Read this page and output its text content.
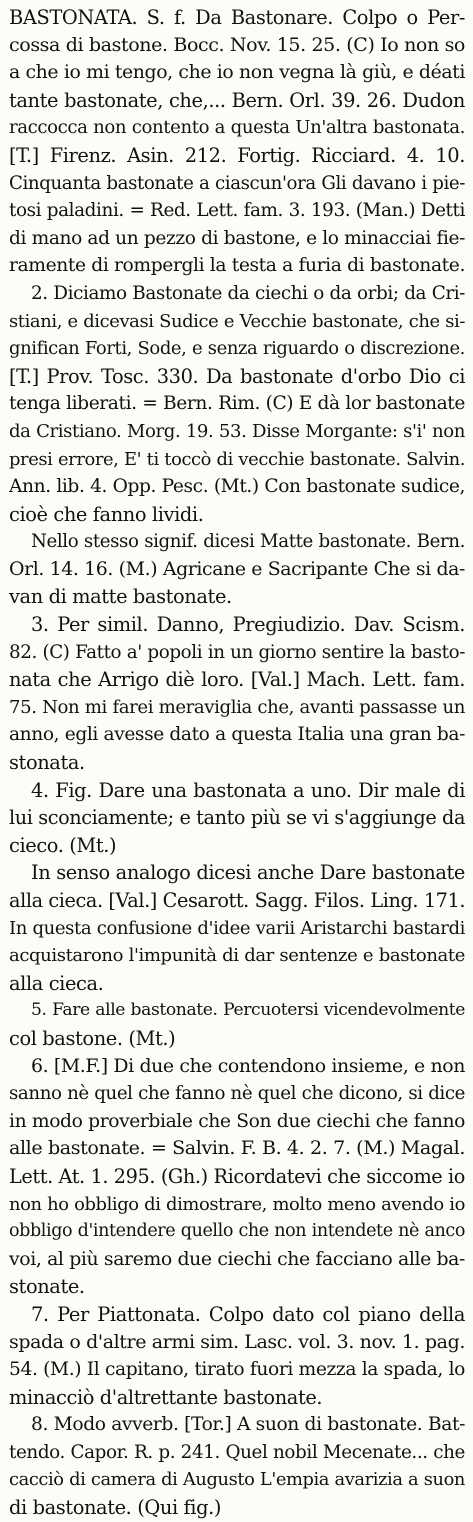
BASTONATA. S. f. Da Bastonare. Colpo o Per-
cossa di bastone. Bocc. Nov. 15. 25. (C) Io non so
a che io mi tengo, che io non vegna là giù, e déati
tante bastonate, che,... Bern. Orl. 39. 26. Dudon
raccocca non contento a questa Un'altra bastonata.
[T.] Firenz. Asin. 212. Fortig. Ricciard. 4. 10.
Cinquanta bastonate a ciascun'ora Gli davano i pie-
tosi paladini. = Red. Lett. fam. 3. 193. (Man.) Detti
di mano ad un pezzo di bastone, e lo minacciai fie-
ramente di rompergli la testa a furia di bastonate.
2. Diciamo Bastonate da ciechi o da orbi; da Cri-
stiani, e dicevasi Sudice e Vecchie bastonate, che si-
gnifican Forti, Sode, e senza riguardo o discrezione.
[T.] Prov. Tosc. 330. Da bastonate d'orbo Dio ci
tenga liberati. = Bern. Rim. (C) E dà lor bastonate
da Cristiano. Morg. 19. 53. Disse Morgante: s'i' non
presi errore, E' ti toccò di vecchie bastonate. Salvin.
Ann. lib. 4. Opp. Pesc. (Mt.) Con bastonate sudice,
cioè che fanno lividi.
Nello stesso signif. dicesi Matte bastonate. Bern.
Orl. 14. 16. (M.) Agricane e Sacripante Che si da-
van di matte bastonate.
3. Per simil. Danno, Pregiudizio. Dav. Scism.
82. (C) Fatto a' popoli in un giorno sentire la basto-
nata che Arrigo diè loro. [Val.] Mach. Lett. fam.
75. Non mi farei meraviglia che, avanti passasse un
anno, egli avesse dato a questa Italia una gran ba-
stonata.
4. Fig. Dare una bastonata a uno. Dir male di
lui sconciamente; e tanto più se vi s'aggiunge da
cieco. (Mt.)
In senso analogo dicesi anche Dare bastonate
alla cieca. [Val.] Cesarott. Sagg. Filos. Ling. 171.
In questa confusione d'idee varii Aristarchi bastardi
acquistarono l'impunità di dar sentenze e bastonate
alla cieca.
5. Fare alle bastonate. Percuotersi vicendevolmente
col bastone. (Mt.)
6. [M.F.] Di due che contendono insieme, e non
sanno nè quel che fanno nè quel che dicono, si dice
in modo proverbiale che Son due ciechi che fanno
alle bastonate. = Salvin. F. B. 4. 2. 7. (M.) Magal.
Lett. At. 1. 295. (Gh.) Ricordatevi che siccome io
non ho obbligo di dimostrare, molto meno avendo io
obbligo d'intendere quello che non intendete nè anco
voi, al più saremo due ciechi che facciano alle ba-
stonate.
7. Per Piattonata. Colpo dato col piano della
spada o d'altre armi sim. Lasc. vol. 3. nov. 1. pag.
54. (M.) Il capitano, tirato fuori mezza la spada, lo
minacciò d'altrettante bastonate.
8. Modo avverb. [Tor.] A suon di bastonate. Bat-
tendo. Capor. R. p. 241. Quel nobil Mecenate... che
cacciò di camera di Augusto L'empia avarizia a suon
di bastonate. (Qui fig.)
